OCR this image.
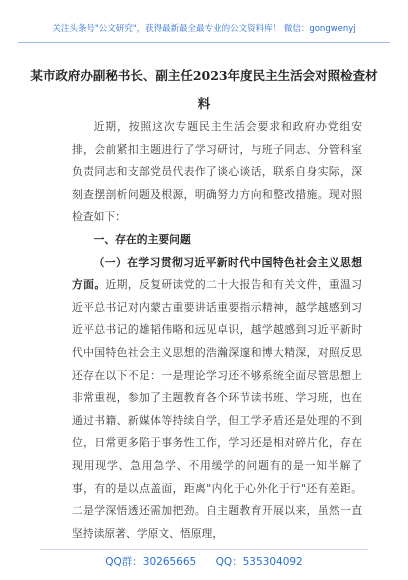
关注头条号"公文研究"，获得最新最全最专业的公文资料库！ 微信：gongwenyj
某市政府办副秘书长、副主任2023年度民主生活会对照检查材料

近期，按照这次专题民主生活会要求和政府办党组安排，会前紧扣主题进行了学习研讨，与班子同志、分管科室负责同志和支部党员代表作了谈心谈话，联系自身实际，深刻查摆剖析问题及根源，明确努力方向和整改措施。现对照检查如下：

一、存在的主要问题

（一）在学习贯彻习近平新时代中国特色社会主义思想方面。近期，反复研读党的二十大报告和有关文件，重温习近平总书记对内蒙古重要讲话重要指示精神，越学越感到习近平总书记的雄韬伟略和远见卓识，越学越感到习近平新时代中国特色社会主义思想的浩瀚深邃和博大精深，对照反思还存在以下不足：一是理论学习还不够系统全面尽管思想上非常重视，参加了主题教育各个环节读书班、学习班，也在通过书籍、新媒体等持续自学，但工学矛盾还是处理的不到位，日常更多陷于事务性工作，学习还是相对碎片化，存在现用现学、急用急学、不用缓学的问题有的是一知半解了事，有的是以点盖面，距离"内化于心外化于行"还有差距。二是学深悟透还需加把劲。自主题教育开展以来，虽然一直坚持读原著、学原文、悟原理，

QQ群：30265665 QQ：535304092
